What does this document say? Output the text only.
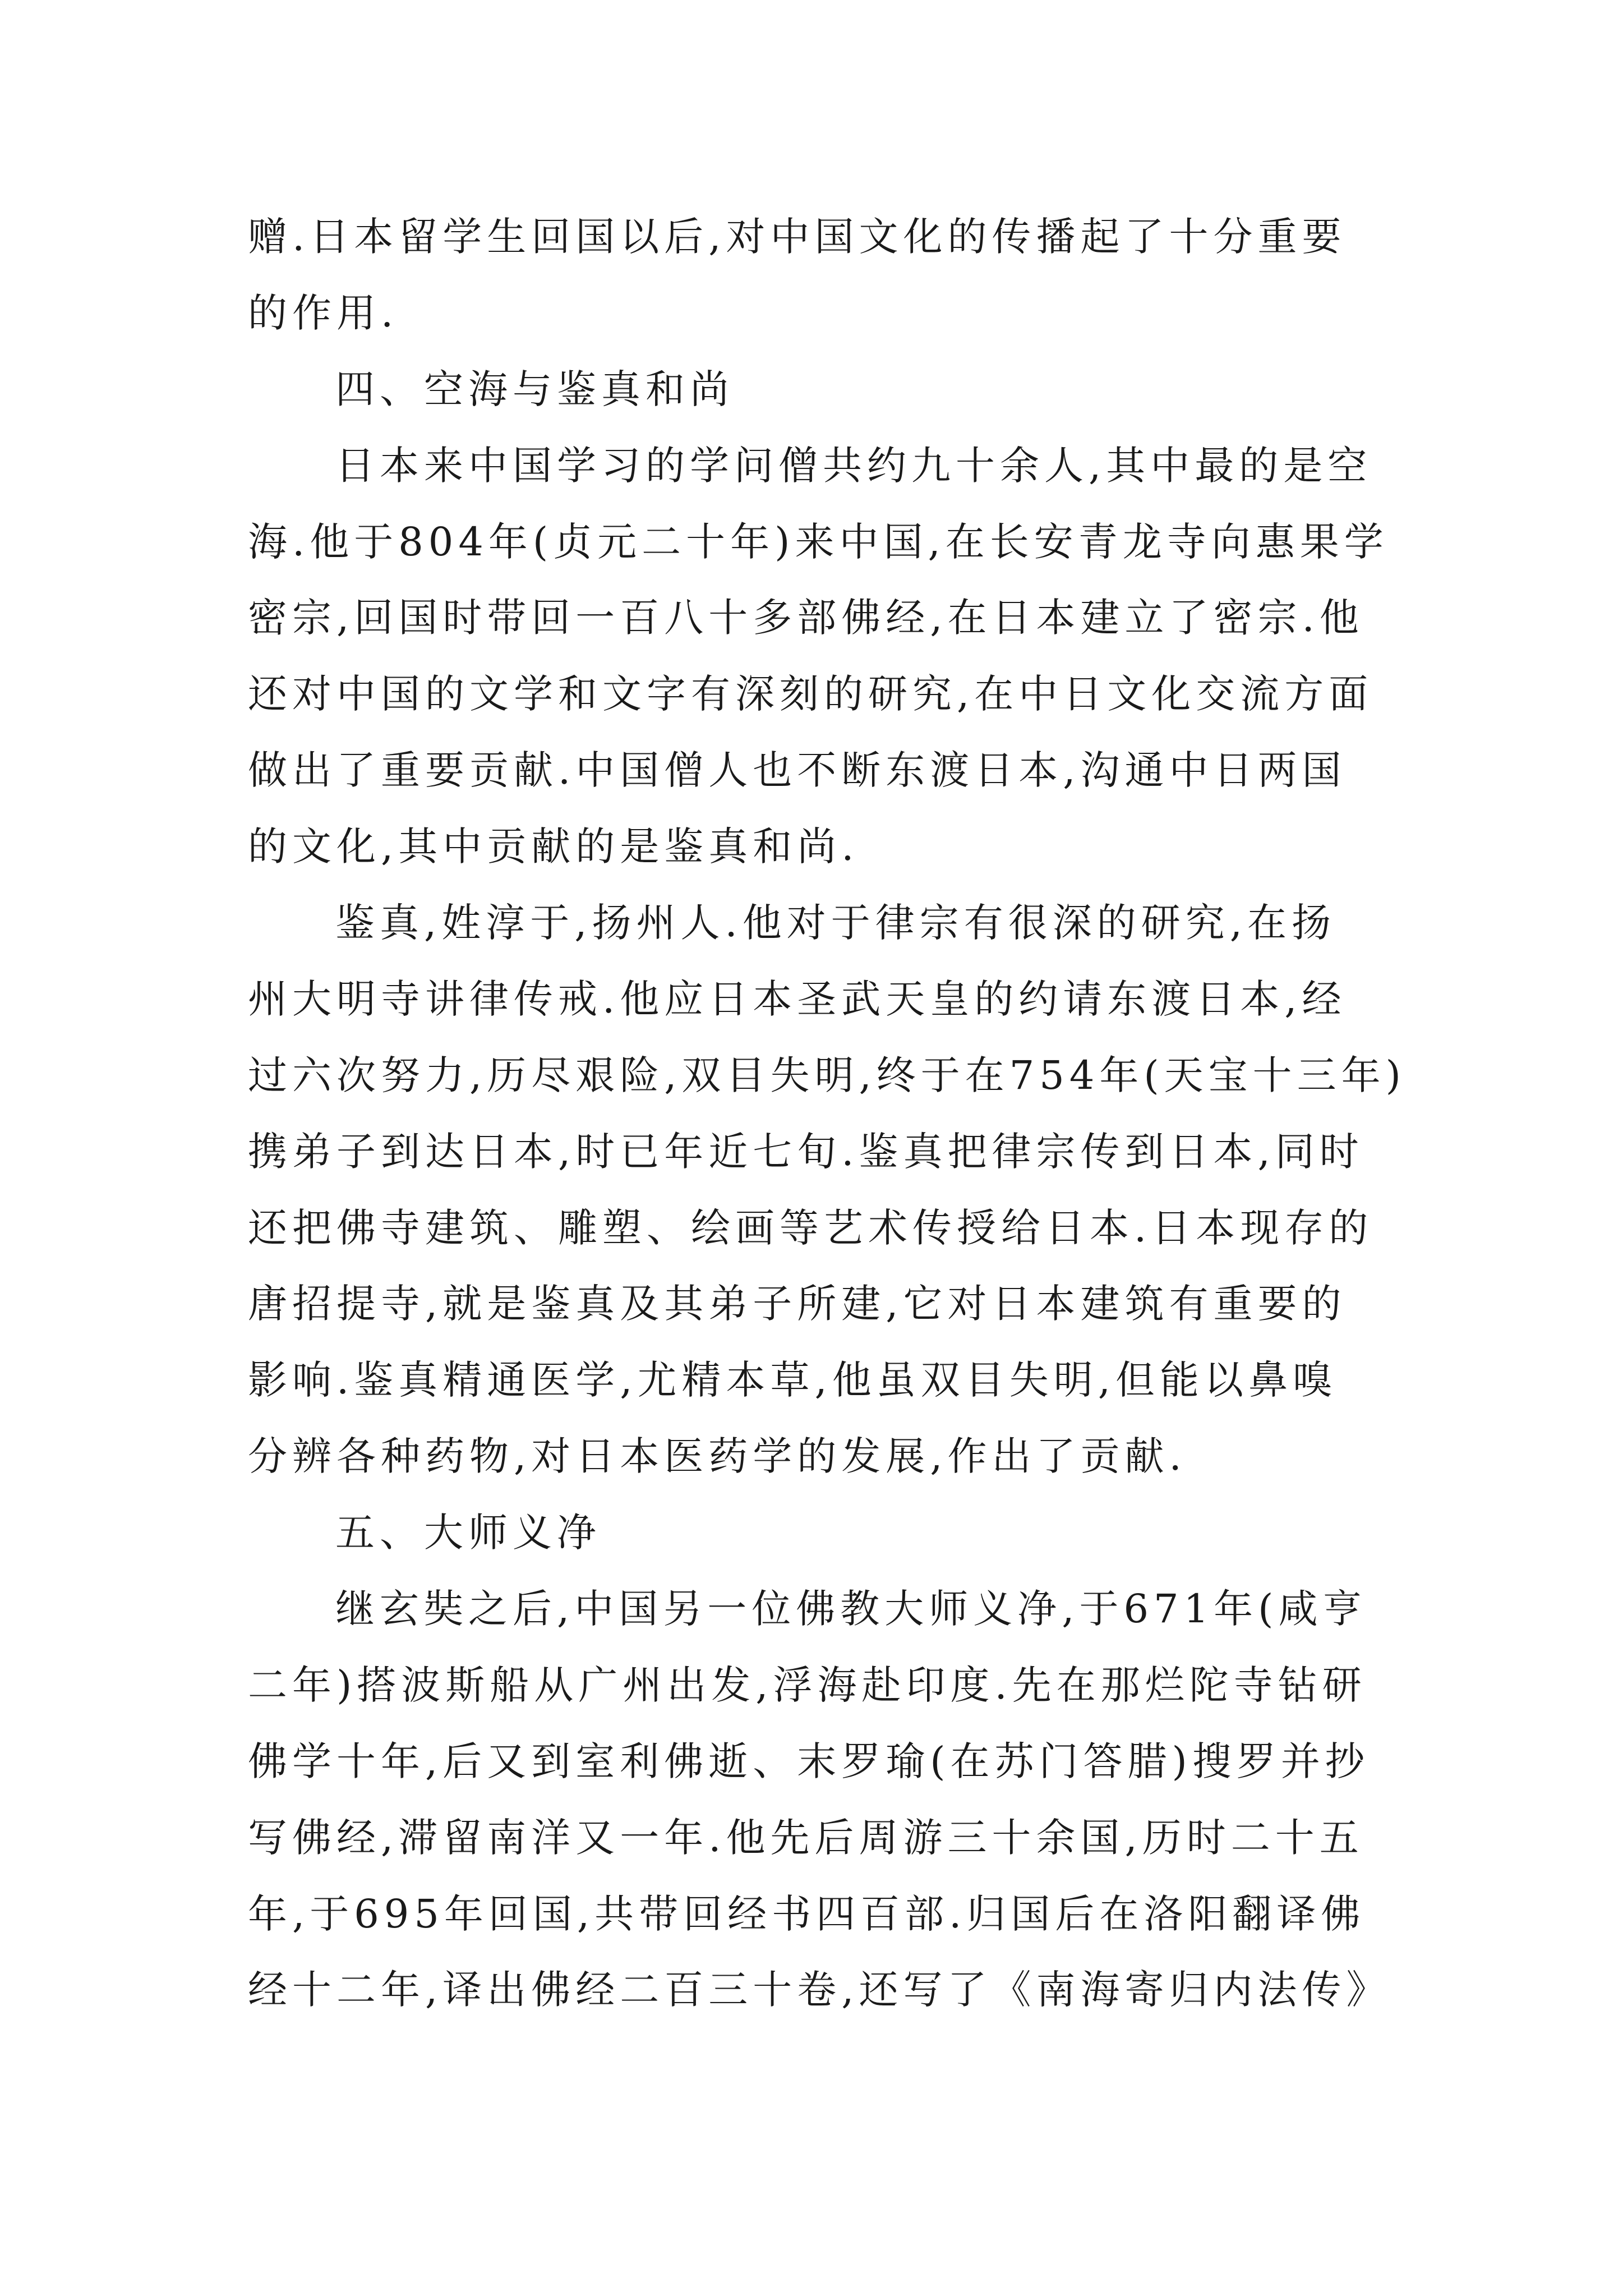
赠.日本留学生回国以后,对中国文化的传播起了十分重要
的作用.
四、空海与鉴真和尚
日本来中国学习的学问僧共约九十余人,其中最的是空
海.他于804年(贞元二十年)来中国,在长安青龙寺向惠果学
密宗,回国时带回一百八十多部佛经,在日本建立了密宗.他
还对中国的文学和文字有深刻的研究,在中日文化交流方面
做出了重要贡献.中国僧人也不断东渡日本,沟通中日两国
的文化,其中贡献的是鉴真和尚.
鉴真,姓淳于,扬州人.他对于律宗有很深的研究,在扬
州大明寺讲律传戒.他应日本圣武天皇的约请东渡日本,经
过六次努力,历尽艰险,双目失明,终于在754年(天宝十三年)
携弟子到达日本,时已年近七旬.鉴真把律宗传到日本,同时
还把佛寺建筑、雕塑、绘画等艺术传授给日本.日本现存的
唐招提寺,就是鉴真及其弟子所建,它对日本建筑有重要的
影响.鉴真精通医学,尤精本草,他虽双目失明,但能以鼻嗅
分辨各种药物,对日本医药学的发展,作出了贡献.
五、大师义净
继玄奘之后,中国另一位佛教大师义净,于671年(咸亨
二年)搭波斯船从广州出发,浮海赴印度.先在那烂陀寺钻研
佛学十年,后又到室利佛逝、末罗瑜(在苏门答腊)搜罗并抄
写佛经,滞留南洋又一年.他先后周游三十余国,历时二十五
年,于695年回国,共带回经书四百部.归国后在洛阳翻译佛
经十二年,译出佛经二百三十卷,还写了《南海寄归内法传》
